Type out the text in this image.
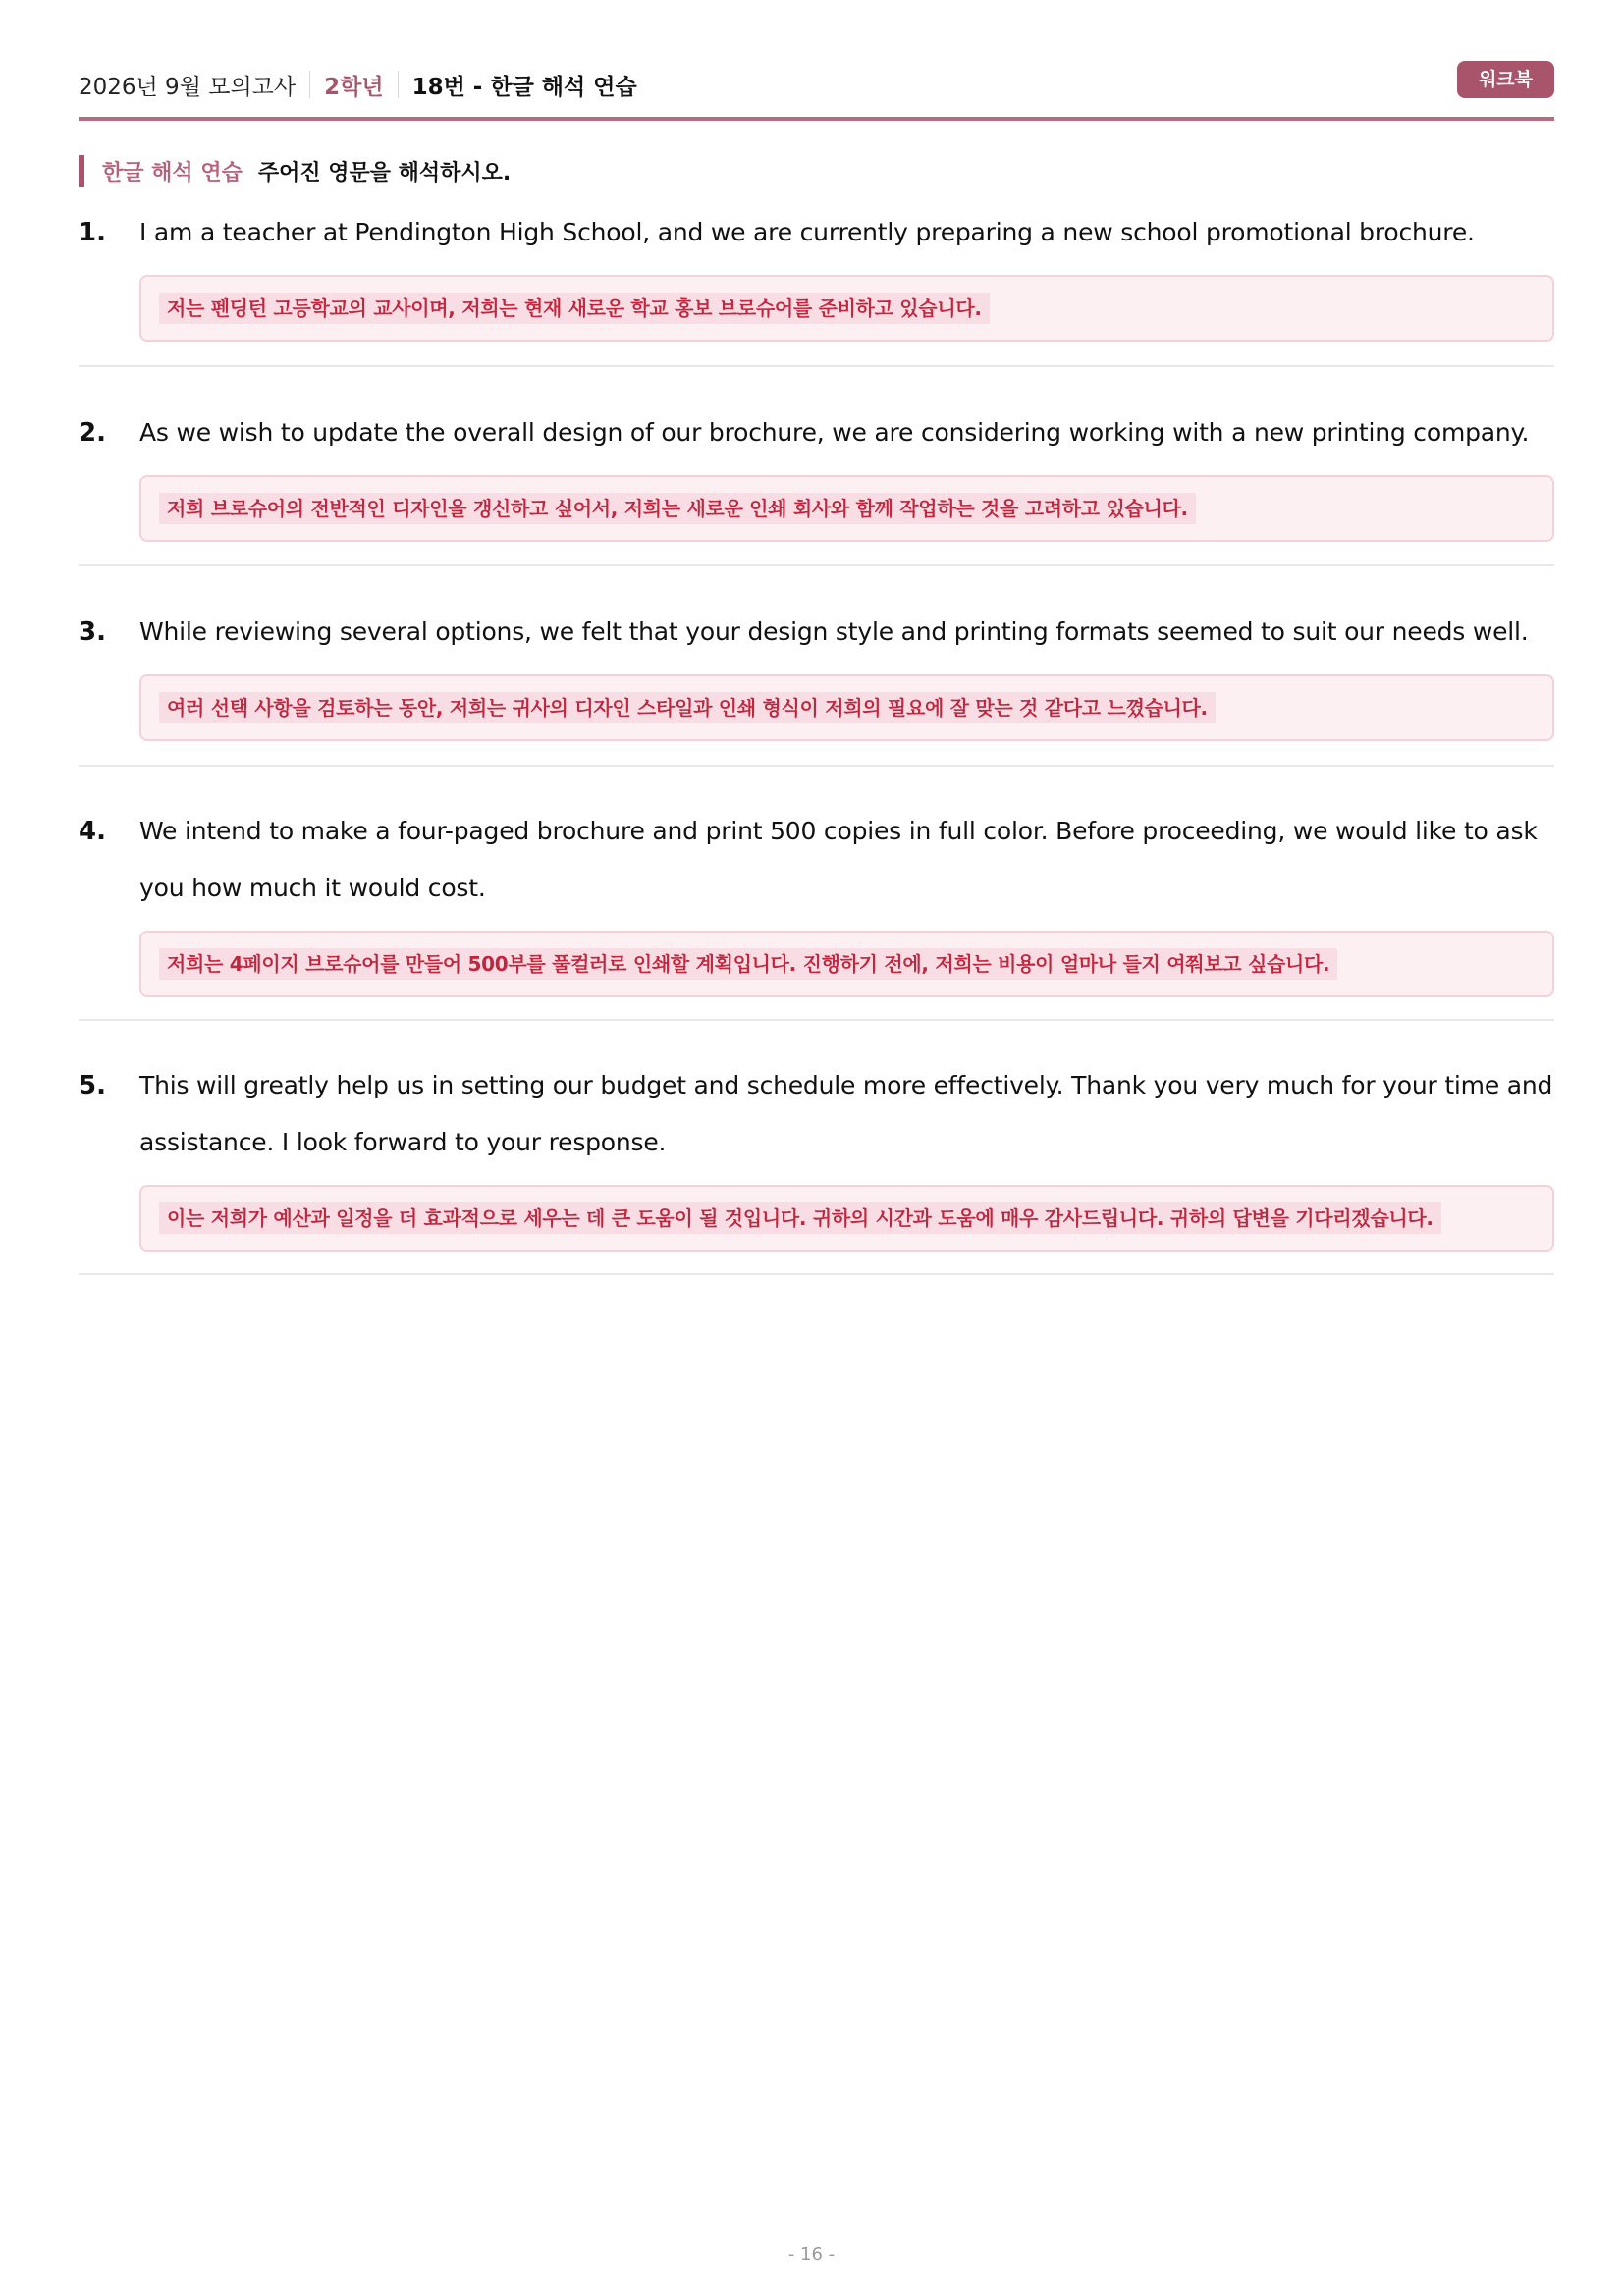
2026년 9월 모의고사 2학년 18번 - 한글 해석 연습	워크북
한글 해석 연습 주어진 영문을 해석하시오.
1. I am a teacher at Pendington High School, and we are currently preparing a new school promotional brochure.
저는 펜딩턴 고등학교의 교사이며, 저희는 현재 새로운 학교 홍보 브로슈어를 준비하고 있습니다.
2. As we wish to update the overall design of our brochure, we are considering working with a new printing company.
저희 브로슈어의 전반적인 디자인을 갱신하고 싶어서, 저희는 새로운 인쇄 회사와 함께 작업하는 것을 고려하고 있습니다.
3. While reviewing several options, we felt that your design style and printing formats seemed to suit our needs well.
여러 선택 사항을 검토하는 동안, 저희는 귀사의 디자인 스타일과 인쇄 형식이 저희의 필요에 잘 맞는 것 같다고 느꼈습니다.
4. We intend to make a four-paged brochure and print 500 copies in full color. Before proceeding, we would like to ask you how much it would cost.
저희는 4페이지 브로슈어를 만들어 500부를 풀컬러로 인쇄할 계획입니다. 진행하기 전에, 저희는 비용이 얼마나 들지 여쭤보고 싶습니다.
5. This will greatly help us in setting our budget and schedule more effectively. Thank you very much for your time and assistance. I look forward to your response.
이는 저희가 예산과 일정을 더 효과적으로 세우는 데 큰 도움이 될 것입니다. 귀하의 시간과 도움에 매우 감사드립니다. 귀하의 답변을 기다리겠습니다.
- 16 -
